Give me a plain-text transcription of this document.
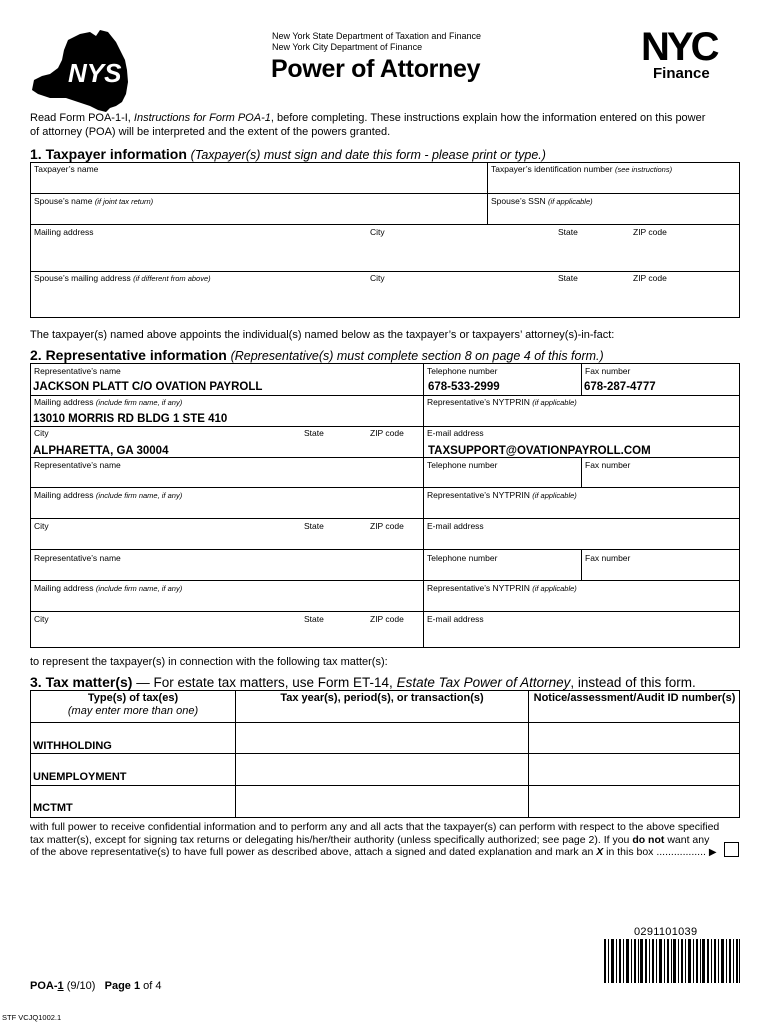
NYS
New York State Department of Taxation and Finance
New York City Department of Finance
Power of Attorney	NYC
Finance
Read Form POA-1-I, Instructions for Form POA-1, before completing. These instructions explain how the information entered on this power
of attorney (POA) will be interpreted and the extent of the powers granted.
1. Taxpayer information (Taxpayer(s) must sign and date this form - please print or type.)
Taxpayer’s name	Taxpayer’s identification number (see instructions)
Spouse’s name (if joint tax return)	Spouse’s SSN (if applicable)
Mailing address	City	State	ZIP code
Spouse’s mailing address (if different from above)	City	State	ZIP code
The taxpayer(s) named above appoints the individual(s) named below as the taxpayer’s or taxpayers’ attorney(s)-in-fact:
2. Representative information (Representative(s) must complete section 8 on page 4 of this form.)
Representative’s name	Telephone number	Fax number
JACKSON PLATT C/O OVATION PAYROLL	678-533-2999	678-287-4777
Mailing address (include firm name, if any)	Representative’s NYTPRIN (if applicable)
13010 MORRIS RD BLDG 1 STE 410
City	State	ZIP code	E-mail address
ALPHARETTA, GA 30004	TAXSUPPORT@OVATIONPAYROLL.COM
Representative’s name	Telephone number	Fax number
Mailing address (include firm name, if any)	Representative’s NYTPRIN (if applicable)
City	State	ZIP code	E-mail address
Representative’s name	Telephone number	Fax number
Mailing address (include firm name, if any)	Representative’s NYTPRIN (if applicable)
City	State	ZIP code	E-mail address
to represent the taxpayer(s) in connection with the following tax matter(s):
3. Tax matter(s) — For estate tax matters, use Form ET-14, Estate Tax Power of Attorney, instead of this form.
Type(s) of tax(es)
(may enter more than one)
Tax year(s), period(s), or transaction(s)	Notice/assessment/Audit ID number(s)
WITHHOLDING
UNEMPLOYMENT
MCTMT
with full power to receive confidential information and to perform any and all acts that the taxpayer(s) can perform with respect to the above specified
tax matter(s), except for signing tax returns or delegating his/her/their authority (unless specifically authorized; see page 2). If you do not want any
of the above representative(s) to have full power as described above, attach a signed and dated explanation and mark an X in this box ................. ▶
0291101039
POA-1 (9/10) Page 1 of 4
STF VCJQ1002.1
